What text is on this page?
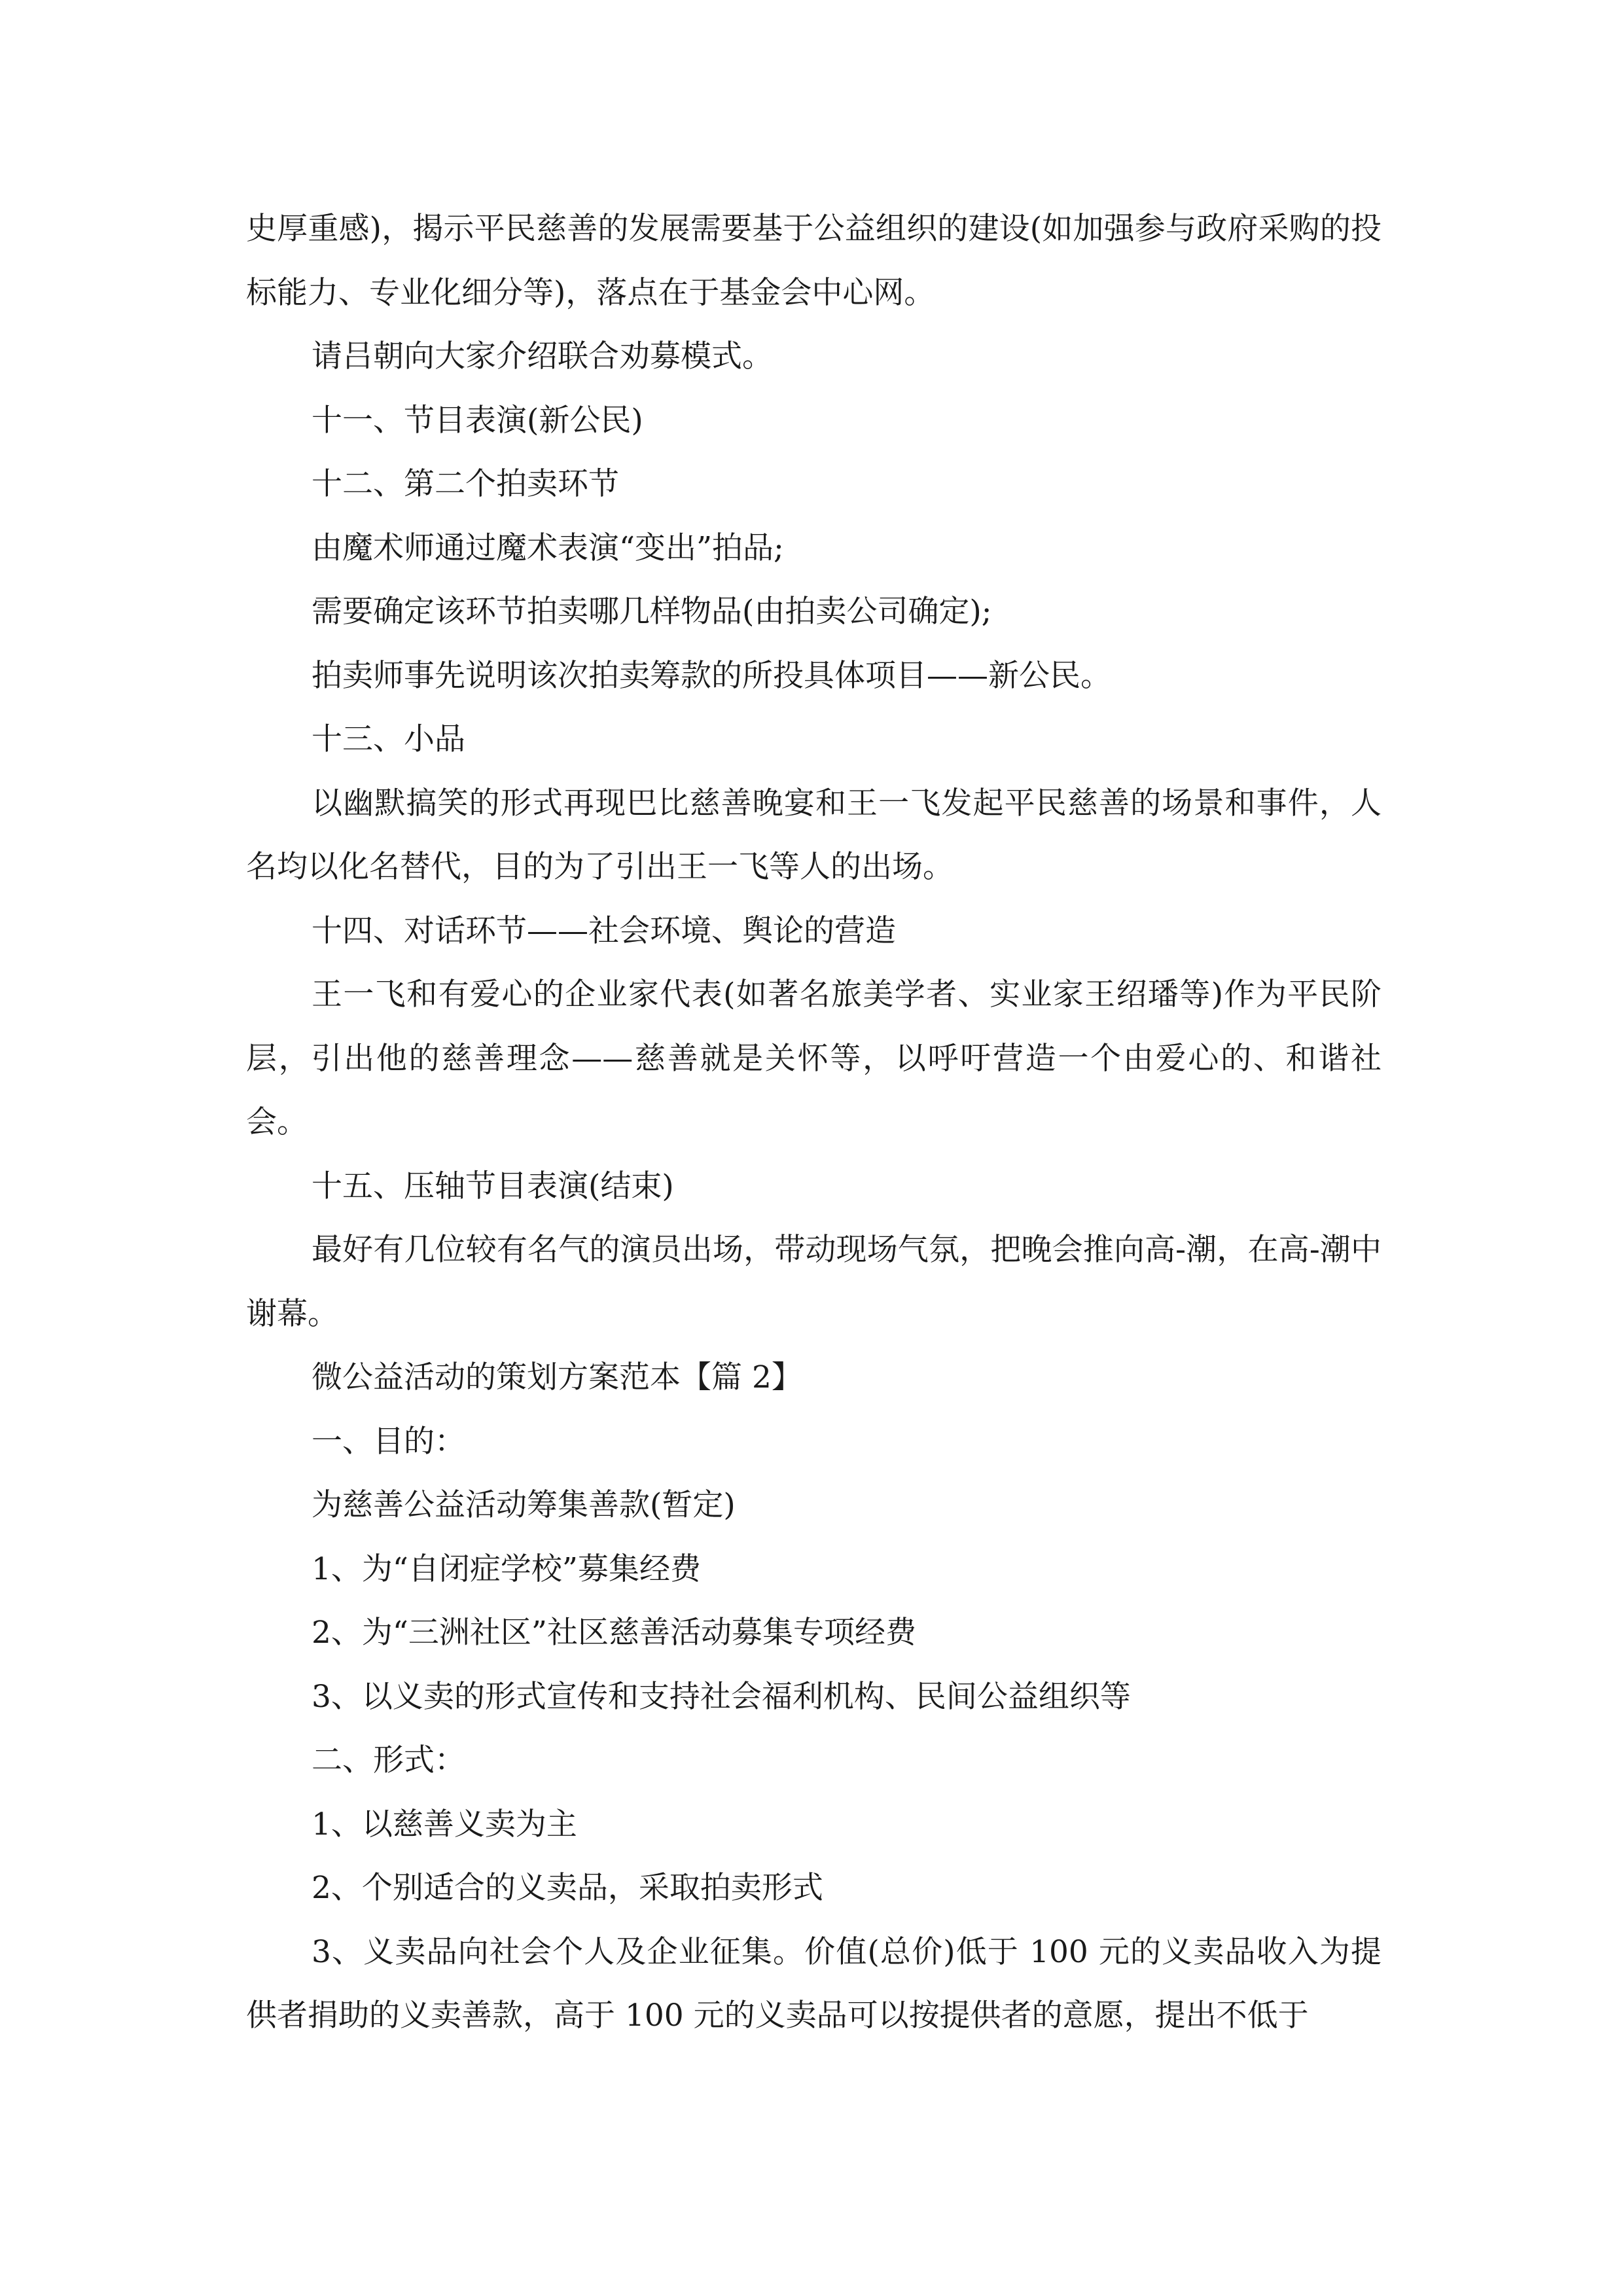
史厚重感)，揭示平民慈善的发展需要基于公益组织的建设(如加强参与政府采购的投标能力、专业化细分等)，落点在于基金会中心网。

请吕朝向大家介绍联合劝募模式。

十一、节目表演(新公民)

十二、第二个拍卖环节

由魔术师通过魔术表演“变出”拍品;

需要确定该环节拍卖哪几样物品(由拍卖公司确定);

拍卖师事先说明该次拍卖筹款的所投具体项目——新公民。

十三、小品

以幽默搞笑的形式再现巴比慈善晚宴和王一飞发起平民慈善的场景和事件，人名均以化名替代，目的为了引出王一飞等人的出场。

十四、对话环节——社会环境、舆论的营造

王一飞和有爱心的企业家代表(如著名旅美学者、实业家王绍璠等)作为平民阶层，引出他的慈善理念——慈善就是关怀等，以呼吁营造一个由爱心的、和谐社会。

十五、压轴节目表演(结束)

最好有几位较有名气的演员出场，带动现场气氛，把晚会推向高-潮，在高-潮中谢幕。

微公益活动的策划方案范本【篇 2】

一、目的：

为慈善公益活动筹集善款(暂定)

1、为“自闭症学校”募集经费

2、为“三洲社区”社区慈善活动募集专项经费

3、以义卖的形式宣传和支持社会福利机构、民间公益组织等

二、形式：

1、以慈善义卖为主

2、个别适合的义卖品，采取拍卖形式

3、义卖品向社会个人及企业征集。价值(总价)低于 100 元的义卖品收入为提供者捐助的义卖善款，高于 100 元的义卖品可以按提供者的意愿，提出不低于
